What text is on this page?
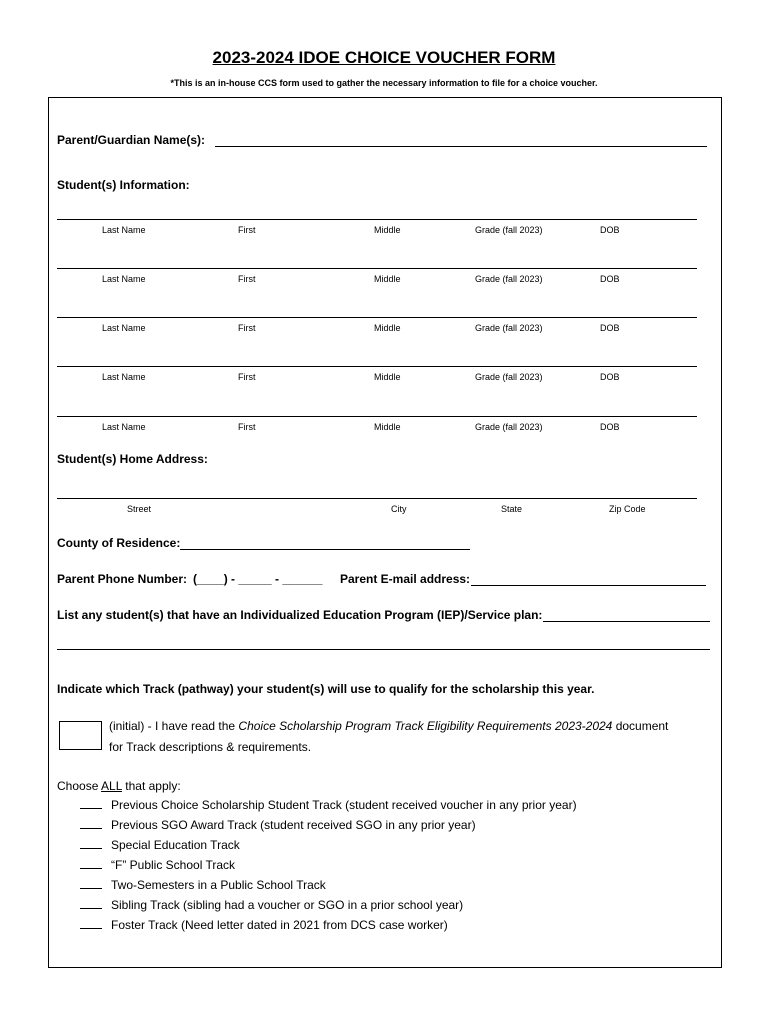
2023-2024 IDOE CHOICE VOUCHER FORM
*This is an in-house CCS form used to gather the necessary information to file for a choice voucher.
Parent/Guardian Name(s):
Student(s) Information:
Last Name	First	Middle	Grade (fall 2023)	DOB
Last Name	First	Middle	Grade (fall 2023)	DOB
Last Name	First	Middle	Grade (fall 2023)	DOB
Last Name	First	Middle	Grade (fall 2023)	DOB
Last Name	First	Middle	Grade (fall 2023)	DOB
Student(s) Home Address:
Street	City	State	Zip Code
County of Residence:
Parent Phone Number: (____) - _____ - ______ Parent E-mail address:
List any student(s) that have an Individualized Education Program (IEP)/Service plan:
Indicate which Track (pathway) your student(s) will use to qualify for the scholarship this year.
(initial) - I have read the Choice Scholarship Program Track Eligibility Requirements 2023-2024 document
for Track descriptions & requirements.
Choose ALL that apply:
Previous Choice Scholarship Student Track (student received voucher in any prior year)
Previous SGO Award Track (student received SGO in any prior year)
Special Education Track
“F” Public School Track
Two-Semesters in a Public School Track
Sibling Track (sibling had a voucher or SGO in a prior school year)
Foster Track (Need letter dated in 2021 from DCS case worker)
